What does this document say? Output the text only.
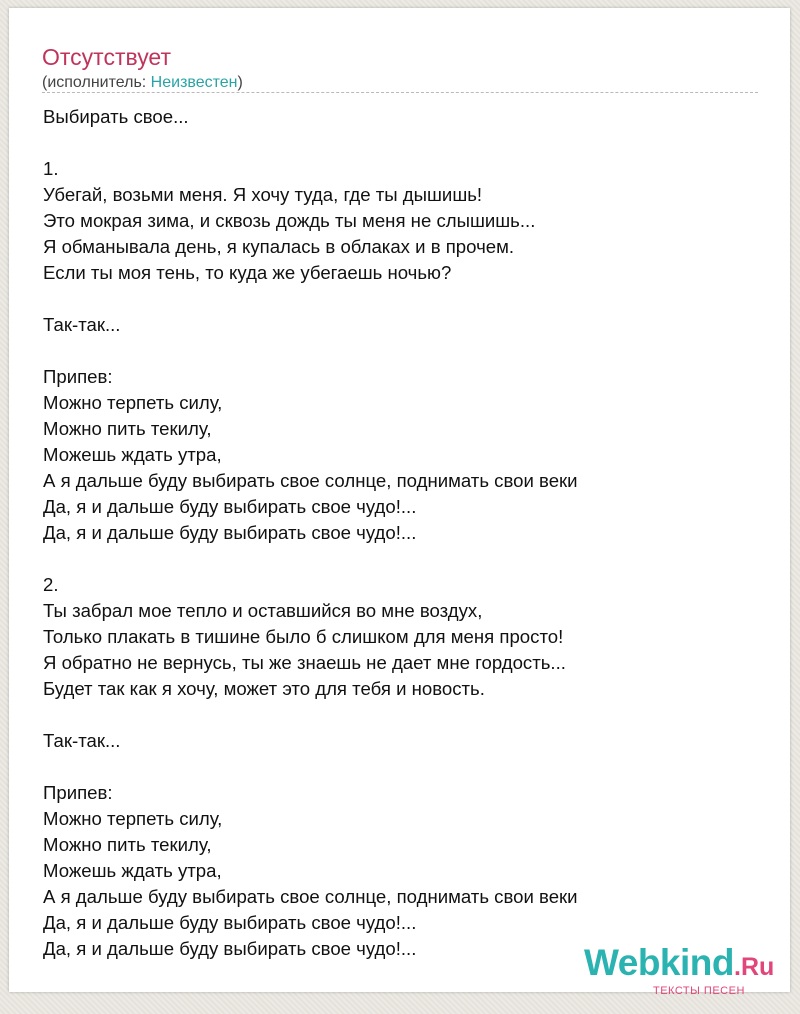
Отсутствует
(исполнитель: Неизвестен)
Выбирать свое...

1.
Убегай, возьми меня. Я хочу туда, где ты дышишь!
Это мокрая зима, и сквозь дождь ты меня не слышишь...
Я обманывала день, я купалась в облаках и в прочем.
Если ты моя тень, то куда же убегаешь ночью?

Так-так...

Припев:
Можно терпеть силу,
Можно пить текилу,
Можешь ждать утра,
А я дальше буду выбирать свое солнце, поднимать свои веки
Да, я и дальше буду выбирать свое чудо!...
Да, я и дальше буду выбирать свое чудо!...

2.
Ты забрал мое тепло и оставшийся во мне воздух,
Только плакать в тишине было б слишком для меня просто!
Я обратно не вернусь, ты же знаешь не дает мне гордость...
Будет так как я хочу, может это для тебя и новость.

Так-так...

Припев:
Можно терпеть силу,
Можно пить текилу,
Можешь ждать утра,
А я дальше буду выбирать свое солнце, поднимать свои веки
Да, я и дальше буду выбирать свое чудо!...
Да, я и дальше буду выбирать свое чудо!...	Webkind.Ru
ТЕКСТЫ ПЕСЕН
